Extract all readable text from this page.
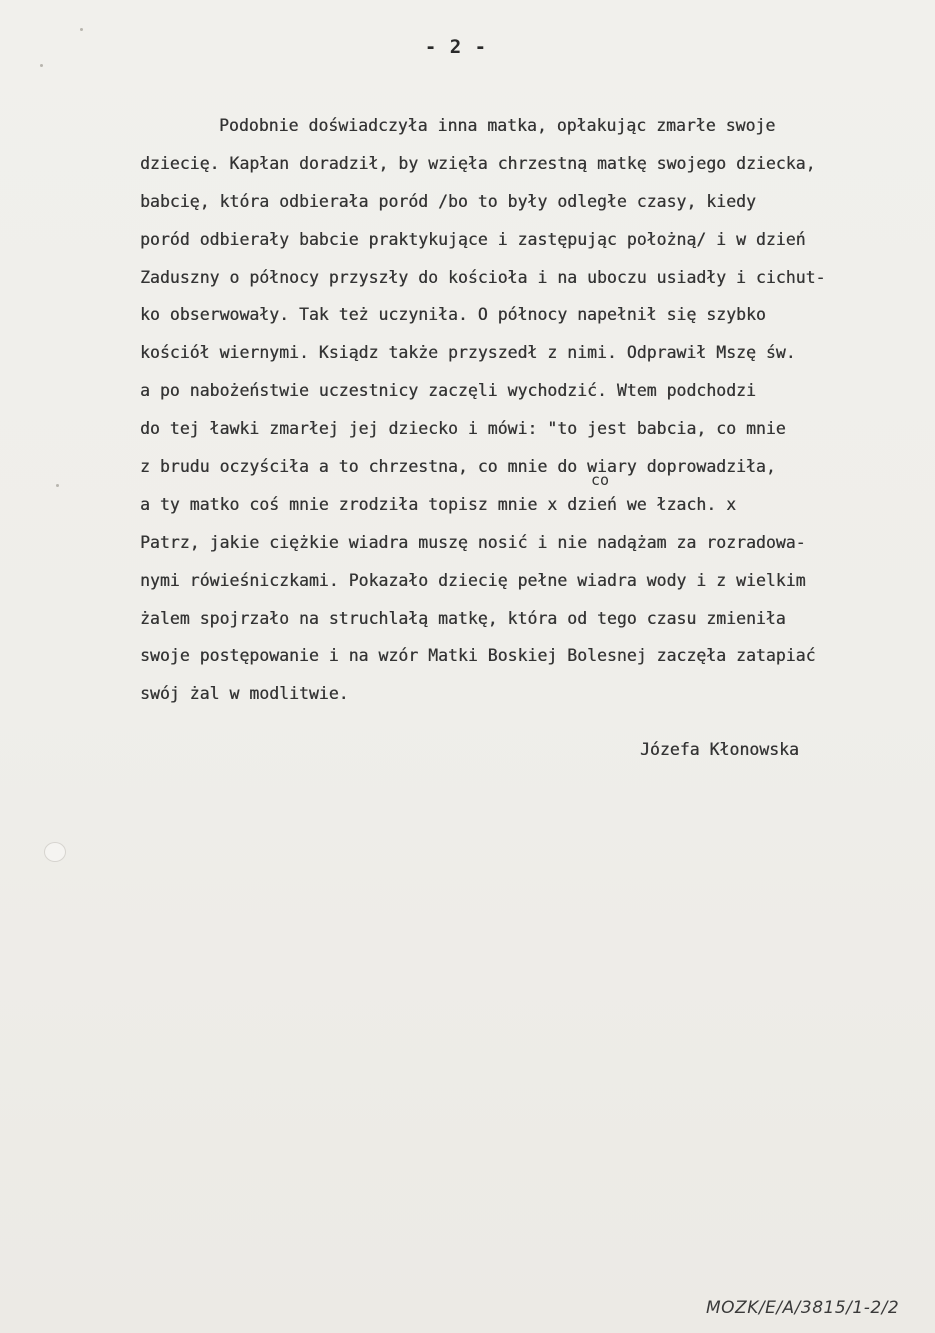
- 2 -
Podobnie doświadczyła inna matka, opłakując zmarłe swoje
dziecię. Kapłan doradził, by wzięła chrzestną matkę swojego dziecka,
babcię, która odbierała poród /bo to były odległe czasy, kiedy
poród odbierały babcie praktykujące i zastępując położną/ i w dzień
Zaduszny o północy przyszły do kościoła i na uboczu usiadły i cichut-
ko obserwowały. Tak też uczyniła. O północy napełnił się szybko
kościół wiernymi. Ksiądz także przyszedł z nimi. Odprawił Mszę św.
a po nabożeństwie uczestnicy zaczęli wychodzić. Wtem podchodzi
do tej ławki zmarłej jej dziecko i mówi: "to jest babcia, co mnie
z brudu oczyściła a to chrzestna, co mnie do wiary doprowadziła,
a ty matko coś mnie zrodziła topisz mnie x dzień we łzach. x
Patrz, jakie ciężkie wiadra muszę nosić i nie nadążam za rozradowa-
nymi rówieśniczkami. Pokazało dziecię pełne wiadra wody i z wielkim
żalem spojrzało na struchlałą matkę, która od tego czasu zmieniła
swoje postępowanie i na wzór Matki Boskiej Bolesnej zaczęła zatapiać
swój żal w modlitwie.
co
Józefa Kłonowska
MOZK/E/A/3815/1-2/2
